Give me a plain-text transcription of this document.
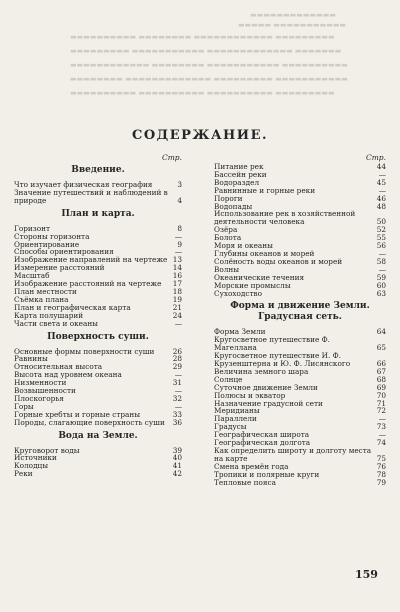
▬▬▬▬▬▬▬▬▬▬▬▬▬
▬▬▬▬▬ ▬▬▬▬▬▬▬▬▬▬▬
▬▬▬▬▬▬▬▬▬▬ ▬▬▬▬▬▬▬▬ ▬▬▬▬▬▬▬▬▬▬▬▬ ▬▬▬▬▬▬▬▬▬
▬▬▬▬▬▬▬▬▬ ▬▬▬▬▬▬▬▬▬▬▬ ▬▬▬▬▬▬▬▬▬▬▬▬▬ ▬▬▬▬▬▬▬
▬▬▬▬▬▬▬▬▬▬▬▬ ▬▬▬▬▬▬▬▬ ▬▬▬▬▬▬▬▬▬▬▬ ▬▬▬▬▬▬▬▬▬▬
▬▬▬▬▬▬▬▬ ▬▬▬▬▬▬▬▬▬▬▬▬▬ ▬▬▬▬▬▬▬▬▬ ▬▬▬▬▬▬▬▬▬▬▬
▬▬▬▬▬▬▬▬▬▬ ▬▬▬▬▬▬▬▬▬▬ ▬▬▬▬▬▬▬▬▬▬ ▬▬▬▬▬▬▬▬▬
СОДЕРЖАНИЕ.
Стр.
Введение.
Что изучает физическая география	3
Значение путешествий и наблюдений в природе	4
План и карта.
Горизонт	8
Стороны горизонта	—
Ориентирование	9
Способы ориентирования	—
Изображение направлений на чертеже 13
Измерение расстояний	14
Масштаб	16
Изображение расстояний на чертеже	17
План местности	18
Съёмка плана	19
План и географическая карта	21
Карта полушарий	24
Части света и океаны	—
Поверхность суши.
Основные формы поверхности суши	26
Равнины	28
Относительная высота	29
Высота над уровнем океана	—
Низменности	31
Возвышенности	—
Плоскогорья	32
Горы	—
Горные хребты и горные страны	33
Породы, слагающие поверхность суши	36
Вода на Земле.
Круговорот воды	39
Источники	40
Колодцы	41
Реки	42
Стр.
Питание рек	44
Бассейн реки	—
Водораздел	45
Равнинные и горные реки	—
Пороги	46
Водопады	48
Использование рек в хозяйственной деятельности человека	50
Озёра	52
Болота	55
Моря и океаны	56
Глубины океанов и морей	—
Солёность воды океанов и морей	58
Волны	—
Океанические течения	59
Морские промыслы	60
Сухоходство	63
Форма и движение Земли. Градусная сеть.
Форма Земли	64
Кругосветное путешествие Ф. Магеллана	65
Кругосветное путешествие И. Ф. Крузенштерна и Ю. Ф. Лисянского	66
Величина земного шара	67
Солнце	68
Суточное движение Земли	69
Полюсы и экватор	70
Назначение градусной сети	71
Меридианы	72
Параллели	—
Градусы	73
Географическая широта	—
Географическая долгота	74
Как определить широту и долготу места на карте	75
Смена времён года	76
Тропики и полярные круги	78
Тепловые пояса	79
159
